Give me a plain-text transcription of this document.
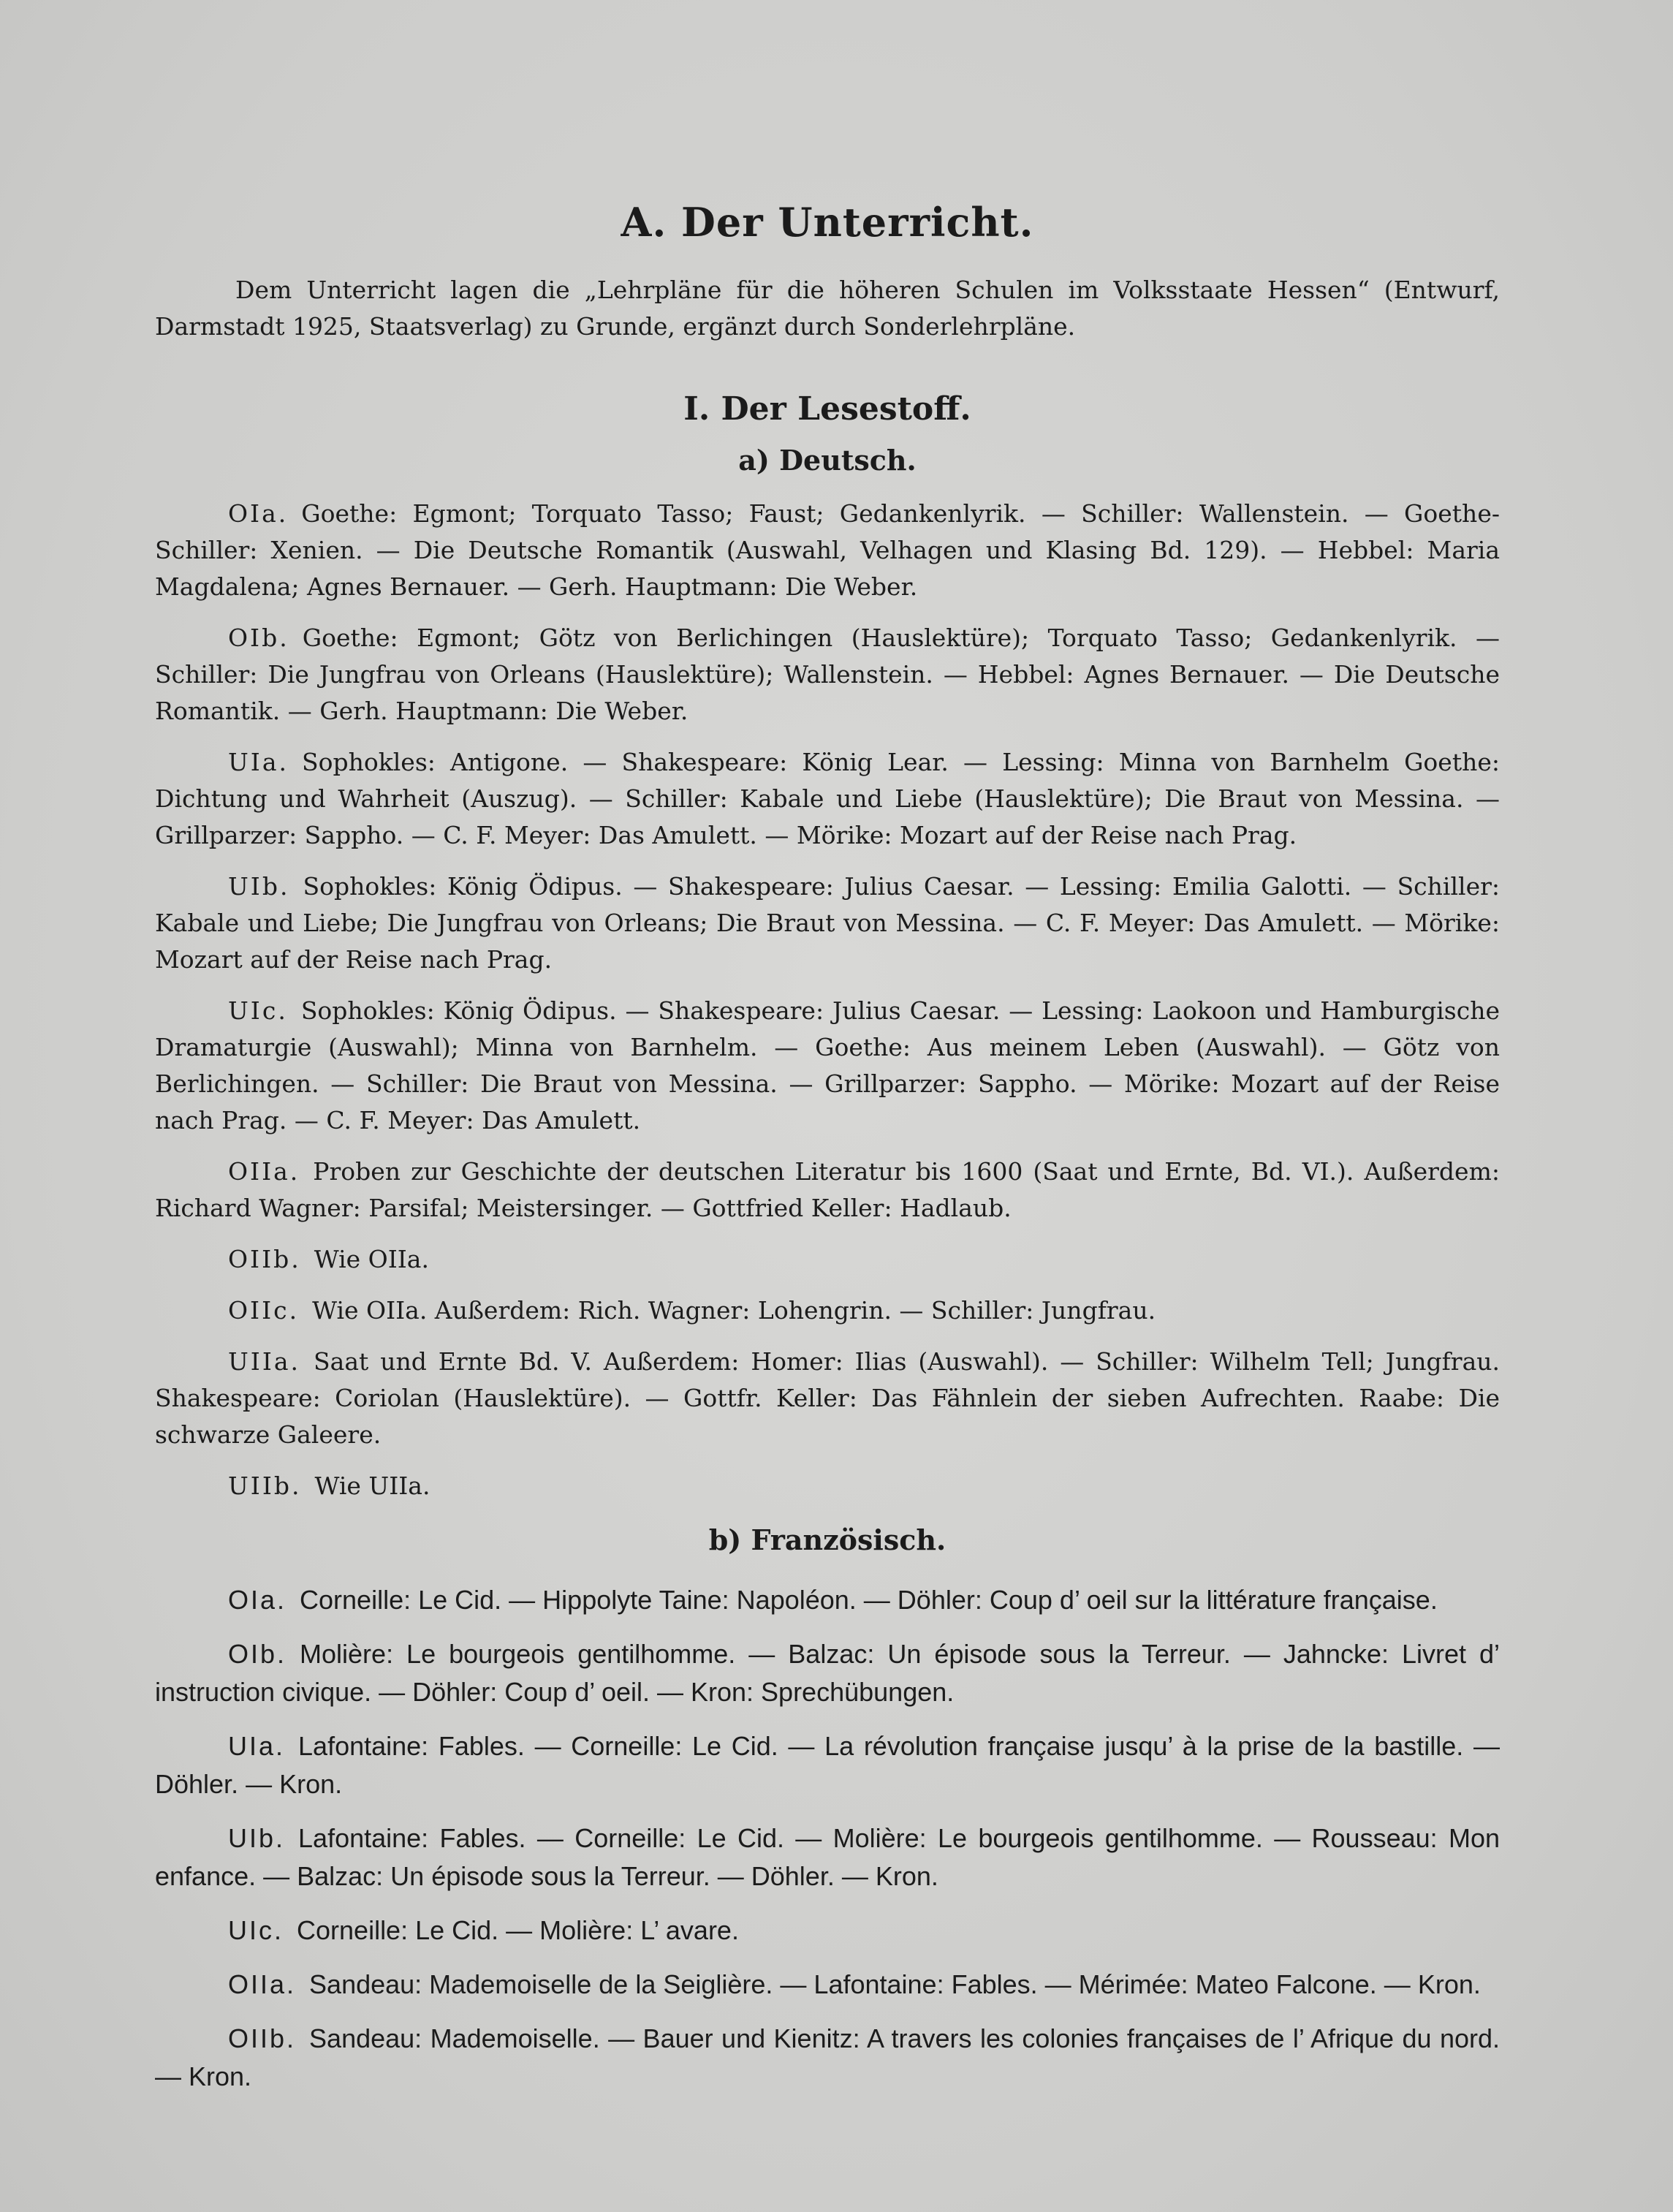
A. Der Unterricht.

Dem Unterricht lagen die „Lehrpläne für die höheren Schulen im Volksstaate Hessen“ (Entwurf, Darmstadt 1925, Staatsverlag) zu Grunde, ergänzt durch Sonderlehrpläne.

I. Der Lesestoff.
a) Deutsch.

OIa. Goethe: Egmont; Torquato Tasso; Faust; Gedankenlyrik. — Schiller: Wallenstein. — Goethe-Schiller: Xenien. — Die Deutsche Romantik (Auswahl, Velhagen und Klasing Bd. 129). — Hebbel: Maria Magdalena; Agnes Bernauer. — Gerh. Hauptmann: Die Weber.

OIb. Goethe: Egmont; Götz von Berlichingen (Hauslektüre); Torquato Tasso; Gedankenlyrik. — Schiller: Die Jungfrau von Orleans (Hauslektüre); Wallenstein. — Hebbel: Agnes Bernauer. — Die Deutsche Romantik. — Gerh. Hauptmann: Die Weber.

UIa. Sophokles: Antigone. — Shakespeare: König Lear. — Lessing: Minna von Barnhelm Goethe: Dichtung und Wahrheit (Auszug). — Schiller: Kabale und Liebe (Hauslektüre); Die Braut von Messina. — Grillparzer: Sappho. — C. F. Meyer: Das Amulett. — Mörike: Mozart auf der Reise nach Prag.

UIb. Sophokles: König Ödipus. — Shakespeare: Julius Caesar. — Lessing: Emilia Galotti. — Schiller: Kabale und Liebe; Die Jungfrau von Orleans; Die Braut von Messina. — C. F. Meyer: Das Amulett. — Mörike: Mozart auf der Reise nach Prag.

UIc. Sophokles: König Ödipus. — Shakespeare: Julius Caesar. — Lessing: Laokoon und Hamburgische Dramaturgie (Auswahl); Minna von Barnhelm. — Goethe: Aus meinem Leben (Auswahl). — Götz von Berlichingen. — Schiller: Die Braut von Messina. — Grillparzer: Sappho. — Mörike: Mozart auf der Reise nach Prag. — C. F. Meyer: Das Amulett.

OIIa. Proben zur Geschichte der deutschen Literatur bis 1600 (Saat und Ernte, Bd. VI.). Außerdem: Richard Wagner: Parsifal; Meistersinger. — Gottfried Keller: Hadlaub.

OIIb. Wie OIIa.

OIIc. Wie OIIa. Außerdem: Rich. Wagner: Lohengrin. — Schiller: Jungfrau.

UIIa. Saat und Ernte Bd. V. Außerdem: Homer: Ilias (Auswahl). — Schiller: Wilhelm Tell; Jungfrau. Shakespeare: Coriolan (Hauslektüre). — Gottfr. Keller: Das Fähnlein der sieben Aufrechten. Raabe: Die schwarze Galeere.

UIIb. Wie UIIa.

b) Französisch.

OIa. Corneille: Le Cid. — Hippolyte Taine: Napoléon. — Döhler: Coup d’ oeil sur la littérature française.

OIb. Molière: Le bourgeois gentilhomme. — Balzac: Un épisode sous la Terreur. — Jahncke: Livret d’ instruction civique. — Döhler: Coup d’ oeil. — Kron: Sprechübungen.

UIa. Lafontaine: Fables. — Corneille: Le Cid. — La révolution française jusqu’ à la prise de la bastille. — Döhler. — Kron.

UIb. Lafontaine: Fables. — Corneille: Le Cid. — Molière: Le bourgeois gentilhomme. — Rousseau: Mon enfance. — Balzac: Un épisode sous la Terreur. — Döhler. — Kron.

UIc. Corneille: Le Cid. — Molière: L’ avare.

OIIa. Sandeau: Mademoiselle de la Seiglière. — Lafontaine: Fables. — Mérimée: Mateo Falcone. — Kron.

OIIb. Sandeau: Mademoiselle. — Bauer und Kienitz: A travers les colonies françaises de l’ Afrique du nord. — Kron.
